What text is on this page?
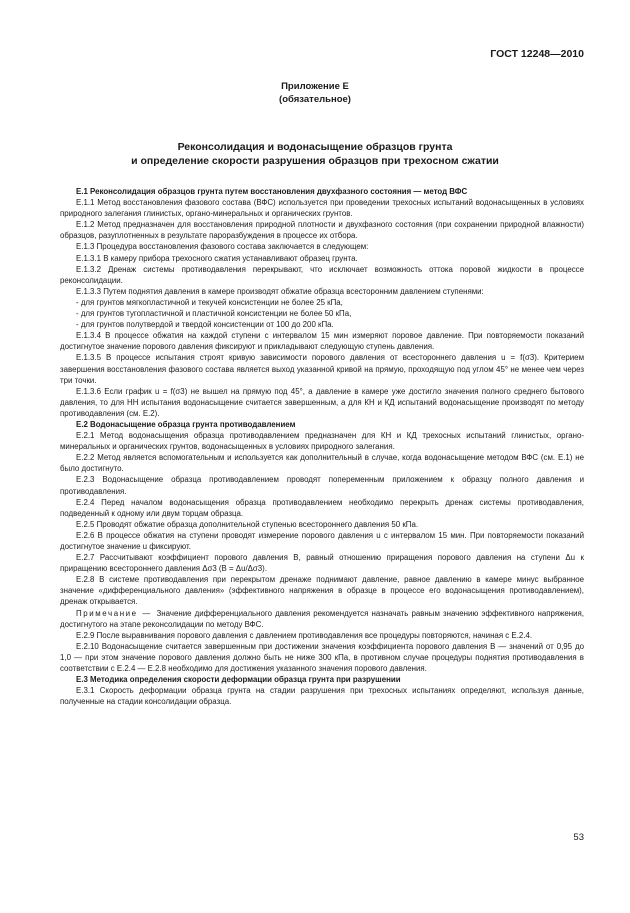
ГОСТ 12248—2010
Приложение Е
(обязательное)
Реконсолидация и водонасыщение образцов грунта
и определение скорости разрушения образцов при трехосном сжатии

Е.1 Реконсолидация образцов грунта путем восстановления двухфазного состояния — метод ВФС

Е.1.1 Метод восстановления фазового состава (ВФС) используется при проведении трехосных испытаний водонасыщенных в условиях природного залегания глинистых, органо-минеральных и органических грунтов.

Е.1.2 Метод предназначен для восстановления природной плотности и двухфазного состояния (при сохранении природной влажности) образцов, разуплотненных в результате пароразбуждения в процессе их отбора.

Е.1.3 Процедура восстановления фазового состава заключается в следующем:

Е.1.3.1 В камеру прибора трехосного сжатия устанавливают образец грунта.

Е.1.3.2 Дренаж системы противодавления перекрывают, что исключает возможность оттока поровой жидкости в процессе реконсолидации.

Е.1.3.3 Путем поднятия давления в камере производят обжатие образца всесторонним давлением ступенями:

- для грунтов мягкопластичной и текучей консистенции не более 25 кПа,

- для грунтов тугопластичной и пластичной консистенции не более 50 кПа,

- для грунтов полутвердой и твердой консистенции от 100 до 200 кПа.

Е.1.3.4 В процессе обжатия на каждой ступени с интервалом 15 мин измеряют поровое давление. При повторяемости показаний достигнутое значение порового давления фиксируют и прикладывают следующую ступень давления.

Е.1.3.5 В процессе испытания строят кривую зависимости порового давления от всестороннего давления u = f(σ3). Критерием завершения восстановления фазового состава является выход указанной кривой на прямую, проходящую под углом 45° не менее чем через три точки.

Е.1.3.6 Если график u = f(σ3) не вышел на прямую под 45°, а давление в камере уже достигло значения полного среднего бытового давления, то для НН испытания водонасыщение считается завершенным, а для КН и КД испытаний водонасыщение производят по методу противодавления (см. Е.2).

Е.2 Водонасыщение образца грунта противодавлением

Е.2.1 Метод водонасыщения образца противодавлением предназначен для КН и КД трехосных испытаний глинистых, органо-минеральных и органических грунтов, водонасыщенных в условиях природного залегания.

Е.2.2 Метод является вспомогательным и используется как дополнительный в случае, когда водонасыщение методом ВФС (см. Е.1) не было достигнуто.

Е.2.3 Водонасыщение образца противодавлением проводят попеременным приложением к образцу полного давления и противодавления.

Е.2.4 Перед началом водонасыщения образца противодавлением необходимо перекрыть дренаж системы противодавления, подведенный к одному или двум торцам образца.

Е.2.5 Проводят обжатие образца дополнительной ступенью всестороннего давления 50 кПа.

Е.2.6 В процессе обжатия на ступени проводят измерение порового давления u с интервалом 15 мин. При повторяемости показаний достигнутое значение u фиксируют.

Е.2.7 Рассчитывают коэффициент порового давления B, равный отношению приращения порового давления на ступени Δu к приращению всестороннего давления Δσ3 (B = Δu/Δσ3).

Е.2.8 В системе противодавления при перекрытом дренаже поднимают давление, равное давлению в камере минус выбранное значение «дифференциального давления» (эффективного напряжения в образце в процессе его водонасыщения противодавлением), дренаж открывается.

Примечание — Значение дифференциального давления рекомендуется назначать равным значению эффективного напряжения, достигнутого на этапе реконсолидации по методу ВФС.

Е.2.9 После выравнивания порового давления с давлением противодавления все процедуры повторяются, начиная с Е.2.4.

Е.2.10 Водонасыщение считается завершенным при достижении значения коэффициента порового давления B — значений от 0,95 до 1,0 — при этом значение порового давления должно быть не ниже 300 кПа, в противном случае процедуры поднятия противодавления в соответствии с Е.2.4 — Е.2.8 необходимо для достижения указанного значения порового давления.

Е.3 Методика определения скорости деформации образца грунта при разрушении

Е.3.1 Скорость деформации образца грунта на стадии разрушения при трехосных испытаниях определяют, используя данные, полученные на стадии консолидации образца.

53
